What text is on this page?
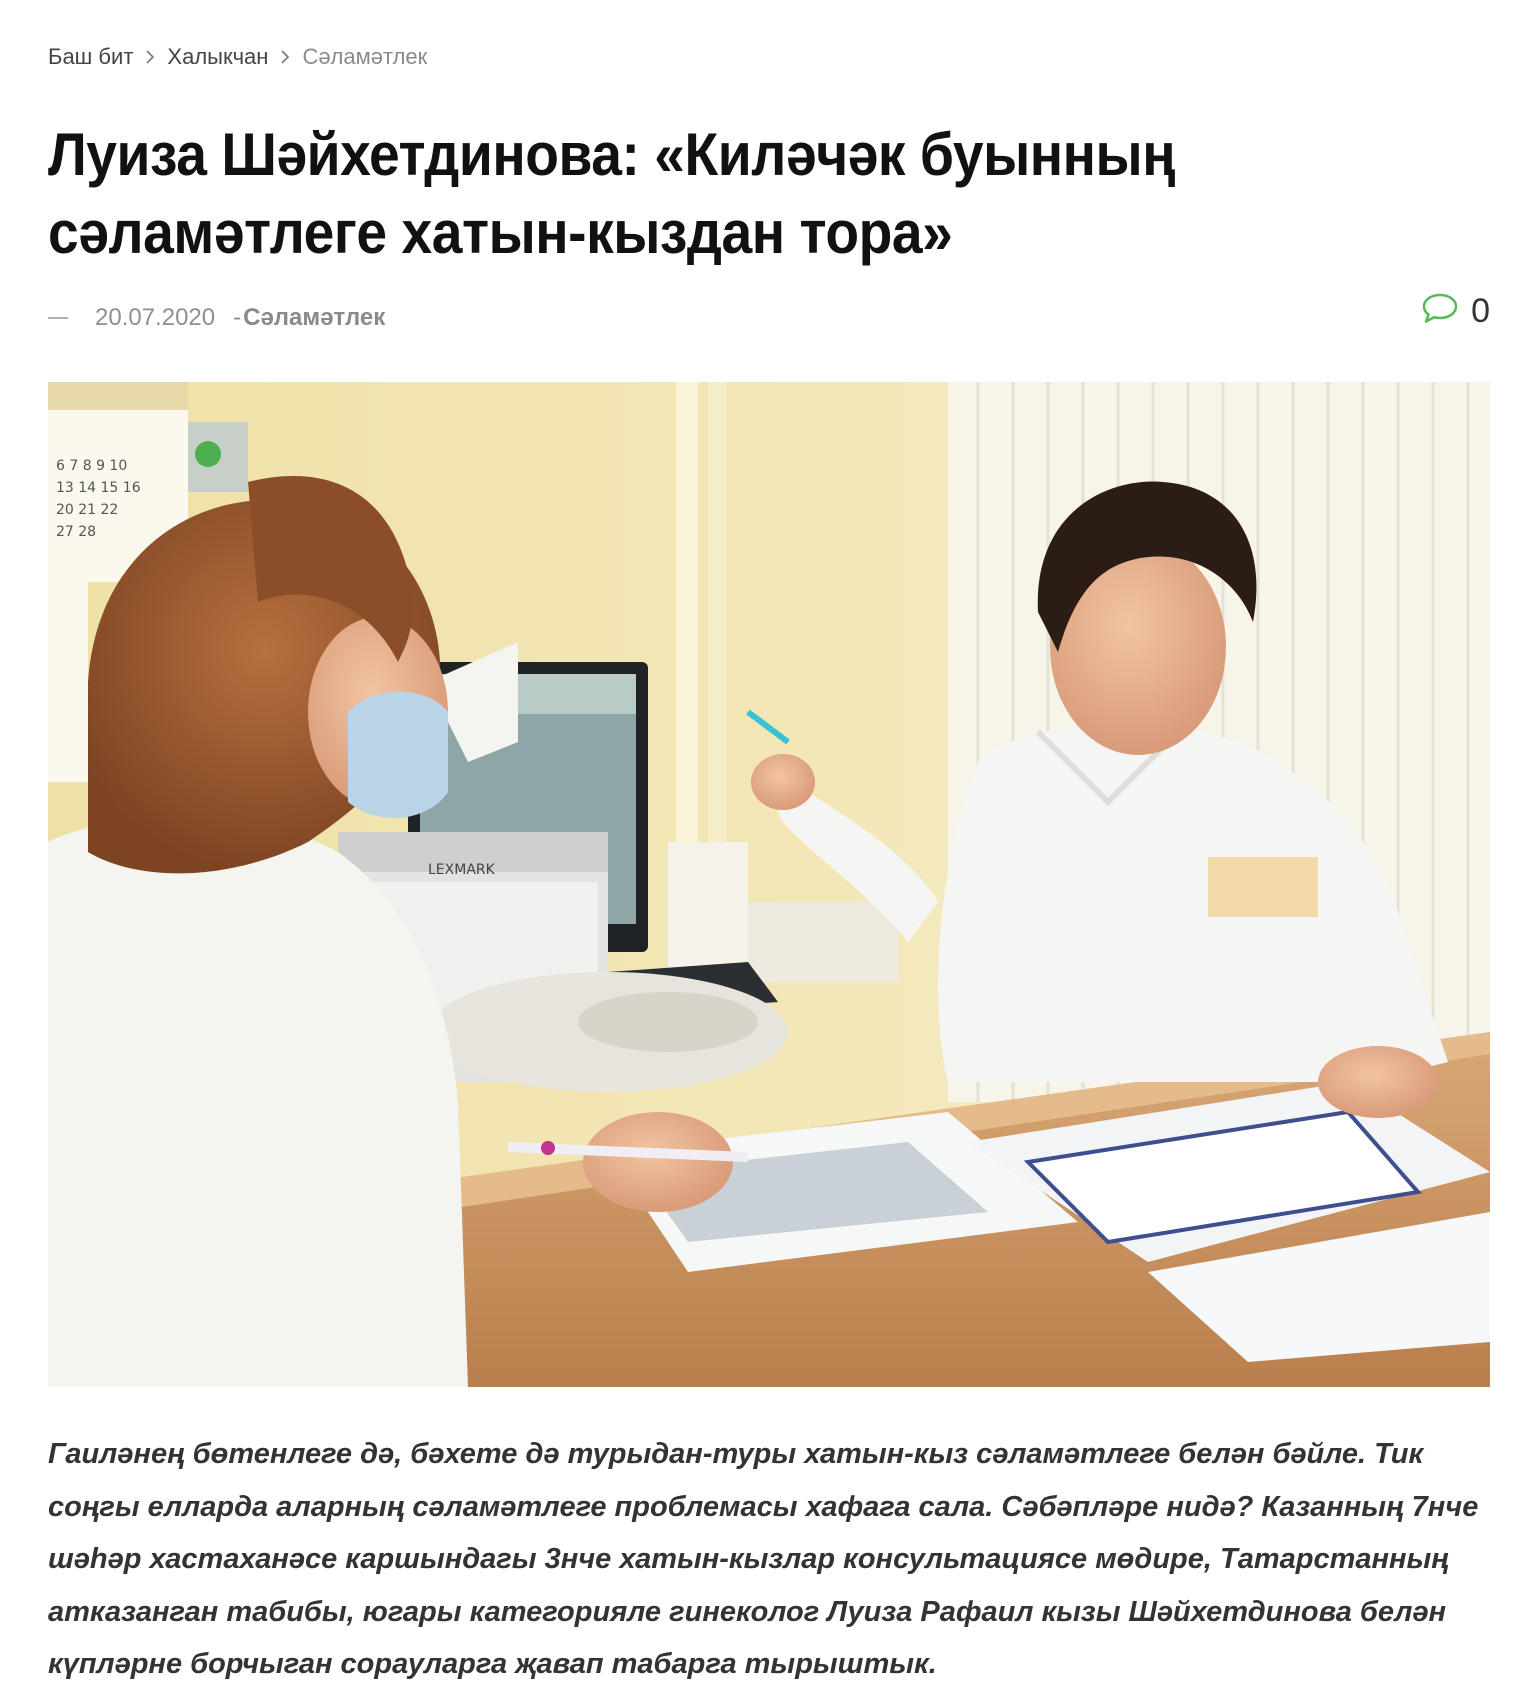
Баш бит Халыкчан Сәламәтлек
Луиза Шәйхетдинова: «Киләчәк буынның сәламәтлеге хатын-кыздан тора»
20.07.2020 - Сәламәтлек	0
6 7 8 9 10
13 14 15 16
20 21 22
27 28
LEXMARK

Гаиләнең бөтенлеге дә, бәхете дә турыдан-туры хатын-кыз сәламәтлеге белән бәйле. Тик соңгы елларда аларның сәламәтлеге проблемасы хафага сала. Сәбәпләре нидә? Казанның 7нче шәһәр хастаханәсе каршындагы 3нче хатын-кызлар консультациясе мөдире, Татарстанның атказанган табибы, югары категорияле гинеколог Луиза Рафаил кызы Шәйхетдинова белән күпләрне борчыган сорауларга җавап табарга тырыштык.
